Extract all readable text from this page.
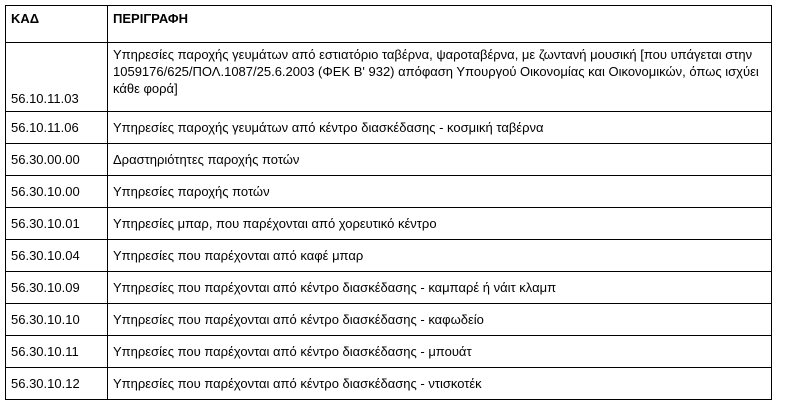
ΚΑΔ	ΠΕΡΙΓΡΑΦΗ
56.10.11.03	Υπηρεσίες παροχής γευμάτων από εστιατόριο ταβέρνα, ψαροταβέρνα, με ζωντανή μουσική [που υπάγεται στην 1059176/625/ΠΟΛ.1087/25.6.2003 (ΦΕΚ Β' 932) απόφαση Υπουργού Οικονομίας και Οικονομικών, όπως ισχύει κάθε φορά]
56.10.11.06	Υπηρεσίες παροχής γευμάτων από κέντρο διασκέδασης - κοσμική ταβέρνα
56.30.00.00	Δραστηριότητες παροχής ποτών
56.30.10.00	Υπηρεσίες παροχής ποτών
56.30.10.01	Υπηρεσίες μπαρ, που παρέχονται από χορευτικό κέντρο
56.30.10.04	Υπηρεσίες που παρέχονται από καφέ μπαρ
56.30.10.09	Υπηρεσίες που παρέχονται από κέντρο διασκέδασης - καμπαρέ ή νάιτ κλαμπ
56.30.10.10	Υπηρεσίες που παρέχονται από κέντρο διασκέδασης - καφωδείο
56.30.10.11	Υπηρεσίες που παρέχονται από κέντρο διασκέδασης - μπουάτ
56.30.10.12	Υπηρεσίες που παρέχονται από κέντρο διασκέδασης - ντισκοτέκ
